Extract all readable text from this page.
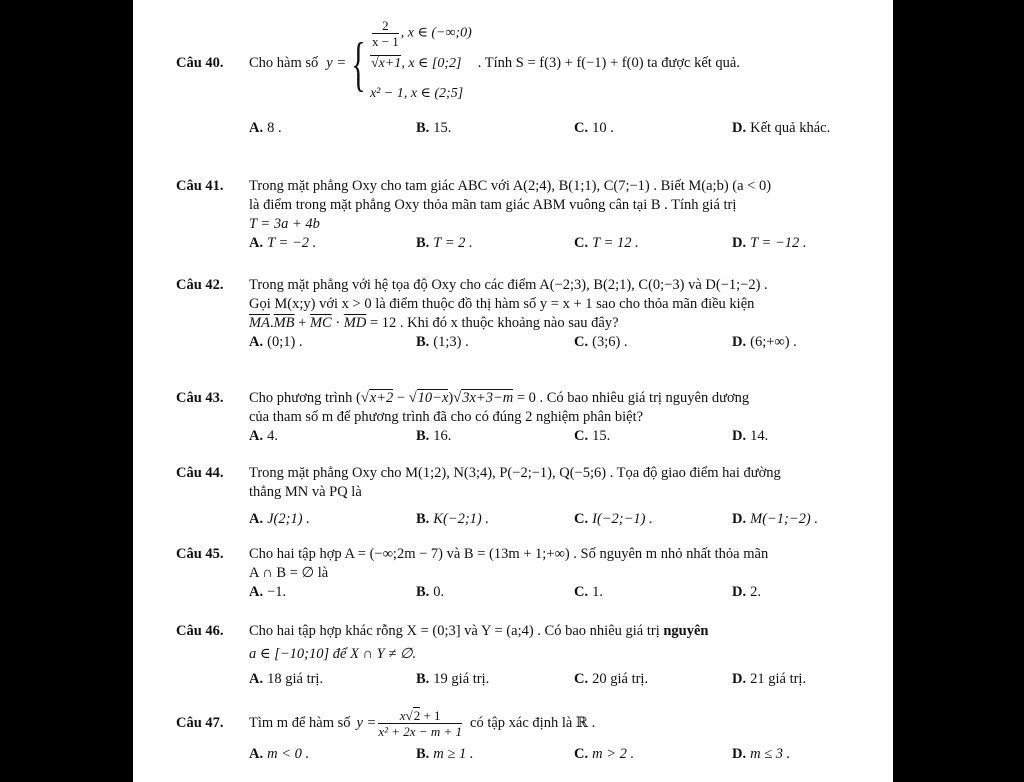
Câu 40.	Cho hàm số y = { $\frac{2}{x - 1}$ , x ∈ (−∞;0)
√x+1, x ∈ [0;2]
x² − 1, x ∈ (2;5]
. Tính S = f(3) + f(−1) + f(0) ta được kết quả.
A. 8 .	B. 15.	C. 10 .	D. Kết quả khác.
Câu 41. Trong mặt phẳng Oxy cho tam giác ABC với A(2;4), B(1;1), C(7;−1) . Biết M(a;b) (a < 0)
là điểm trong mặt phẳng Oxy thỏa mãn tam giác ABM vuông cân tại B . Tính giá trị
T = 3a + 4b
A. T = −2 .	B. T = 2 .	C. T = 12 .	D. T = −12 .
Câu 42. Trong mặt phẳng với hệ tọa độ Oxy cho các điểm A(−2;3), B(2;1), C(0;−3) và D(−1;−2) .
Gọi M(x;y) với x > 0 là điểm thuộc đồ thị hàm số y = x + 1 sao cho thỏa mãn điều kiện
$\overline{MA}.\overline{MB} + \overline{MC} \cdot \overline{MD} = 12$ . Khi đó x thuộc khoảng nào sau đây?
A. (0;1) .	B. (1;3) .	C. (3;6) .	D. (6;+∞) .
Câu 43. Cho phương trình (√x+2 − √10−x)√3x+3−m = 0 . Có bao nhiêu giá trị nguyên dương
của tham số m để phương trình đã cho có đúng 2 nghiệm phân biệt?
A. 4.	B. 16.	C. 15.	D. 14.
Câu 44. Trong mặt phẳng Oxy cho M(1;2), N(3;4), P(−2;−1), Q(−5;6) . Tọa độ giao điểm hai đường
thẳng MN và PQ là
A. J(2;1) .	B. K(−2;1) .	C. I(−2;−1) .	D. M(−1;−2) .
Câu 45. Cho hai tập hợp A = (−∞;2m − 7) và B = (13m + 1;+∞) . Số nguyên m nhỏ nhất thỏa mãn
A ∩ B = ∅ là
A. −1.	B. 0.	C. 1.	D. 2.
Câu 46. Cho hai tập hợp khác rỗng X = (0;3] và Y = (a;4) . Có bao nhiêu giá trị nguyên
a ∈ [−10;10] để X ∩ Y ≠ ∅.
A. 18 giá trị.	B. 19 giá trị.	C. 20 giá trị.	D. 21 giá trị.
Câu 47.	Tìm m để hàm số $y = \frac{x√2 + 1}{\text{x² + 2x − m + 1}}$ có tập xác định là ℝ .
A. m < 0 .	B. m ≥ 1 .	C. m > 2 .	D. m ≤ 3 .
